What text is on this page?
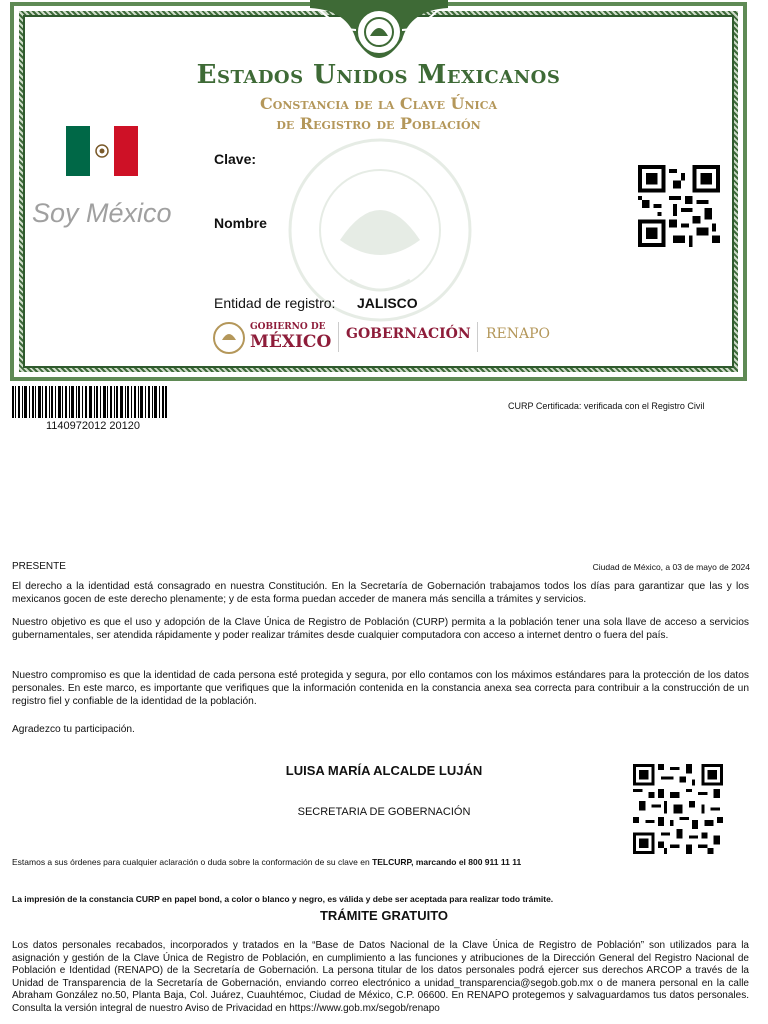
Estados Unidos Mexicanos

Constancia de la Clave Única

de Registro de Población

Soy México
Clave:
Nombre
Entidad de registro: JALISCO
GOBIERNO DE
MÉXICO GOBERNACIÓN RENAPO
1140972012 20120
CURP Certificada: verificada con el Registro Civil
PRESENTE	Ciudad de México, a 03 de mayo de 2024

El derecho a la identidad está consagrado en nuestra Constitución. En la Secretaría de Gobernación trabajamos todos los días para garantizar que las y los mexicanos gocen de este derecho plenamente; y de esta forma puedan acceder de manera más sencilla a trámites y servicios.

Nuestro objetivo es que el uso y adopción de la Clave Única de Registro de Población (CURP) permita a la población tener una sola llave de acceso a servicios gubernamentales, ser atendida rápidamente y poder realizar trámites desde cualquier computadora con acceso a internet dentro o fuera del país.

Nuestro compromiso es que la identidad de cada persona esté protegida y segura, por ello contamos con los máximos estándares para la protección de los datos personales. En este marco, es importante que verifiques que la información contenida en la constancia anexa sea correcta para contribuir a la construcción de un registro fiel y confiable de la identidad de la población.

Agradezco tu participación.

LUISA MARÍA ALCALDE LUJÁN
SECRETARIA DE GOBERNACIÓN
Estamos a sus órdenes para cualquier aclaración o duda sobre la conformación de su clave en TELCURP, marcando el 800 911 11 11
La impresión de la constancia CURP en papel bond, a color o blanco y negro, es válida y debe ser aceptada para realizar todo trámite.
TRÁMITE GRATUITO

Los datos personales recabados, incorporados y tratados en la “Base de Datos Nacional de la Clave Única de Registro de Población” son utilizados para la asignación y gestión de la Clave Única de Registro de Población, en cumplimiento a las funciones y atribuciones de la Dirección General del Registro Nacional de Población e Identidad (RENAPO) de la Secretaría de Gobernación. La persona titular de los datos personales podrá ejercer sus derechos ARCOP a través de la Unidad de Transparencia de la Secretaría de Gobernación, enviando correo electrónico a unidad_transparencia@segob.gob.mx o de manera personal en la calle Abraham González no.50, Planta Baja, Col. Juárez, Cuauhtémoc, Ciudad de México, C.P. 06600. En RENAPO protegemos y salvaguardamos tus datos personales. Consulta la versión integral de nuestro Aviso de Privacidad en https://www.gob.mx/segob/renapo
